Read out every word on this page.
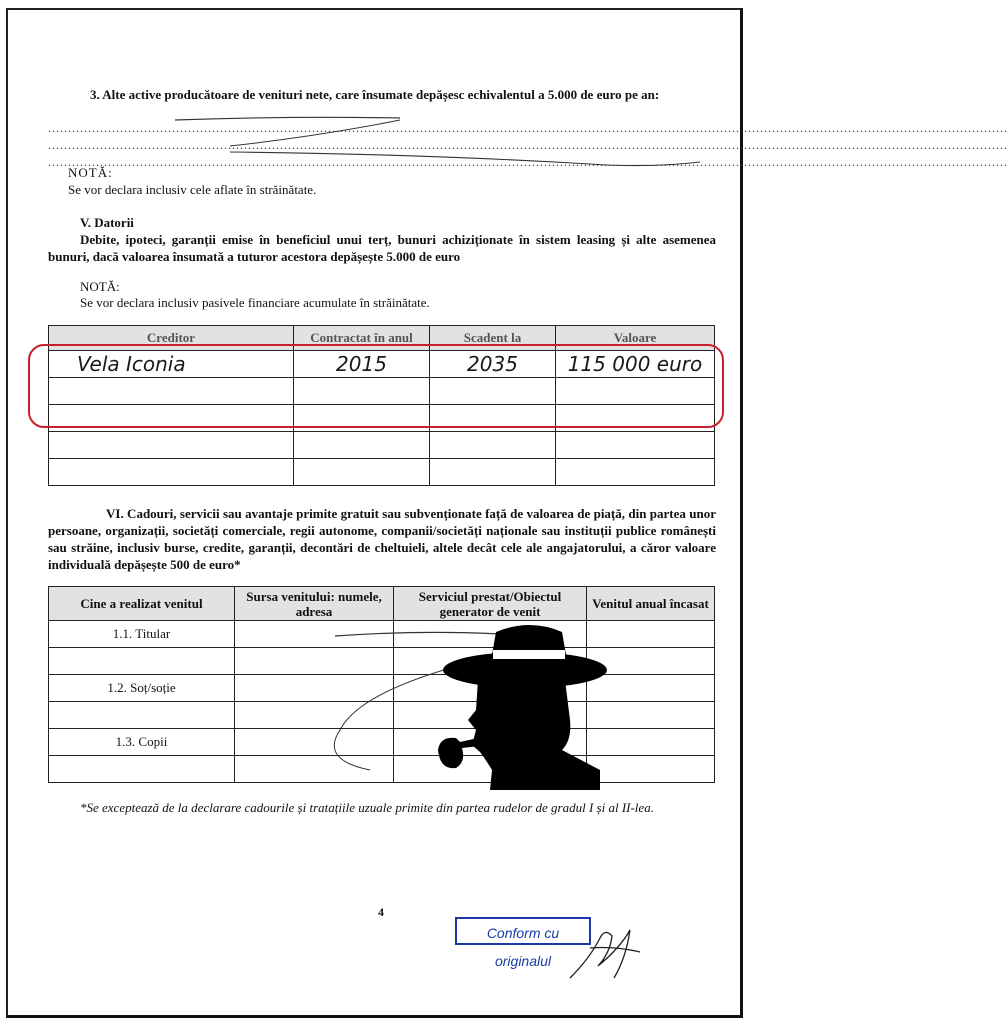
3. Alte active producătoare de venituri nete, care însumate depășesc echivalentul a 5.000 de euro pe an:
................................................................................................................................................................................................................................................
................................................................................................................................................................................................................................................
................................................................................................................................................................................................................................................
NOTĂ:
Se vor declara inclusiv cele aflate în străinătate.
V. Datorii
Debite, ipoteci, garanții emise în beneficiul unui terț, bunuri achiziționate în sistem leasing și alte asemenea bunuri, dacă valoarea însumată a tuturor acestora depășește 5.000 de euro
NOTĂ:
Se vor declara inclusiv pasivele financiare acumulate în străinătate.
Creditor	Contractat în anul	Scadent la	Valoare
Vela Iconia	2015	2035	115 000 euro

VI. Cadouri, servicii sau avantaje primite gratuit sau subvenționate față de valoarea de piață, din partea unor persoane, organizații, societăți comerciale, regii autonome, companii/societăți naționale sau instituții publice românești sau străine, inclusiv burse, credite, garanții, decontări de cheltuieli, altele decât cele ale angajatorului, a căror valoare individuală depășește 500 de euro*
Cine a realizat venitul	Sursa venitului: numele, adresa	Serviciul prestat/Obiectul generator de venit	Venitul anual încasat
1.1. Titular			

1.2. Soț/soție			

1.3. Copii			

*Se exceptează de la declarare cadourile și tratațiile uzuale primite din partea rudelor de gradul I și al II-lea.
4
Conform cu originalul
